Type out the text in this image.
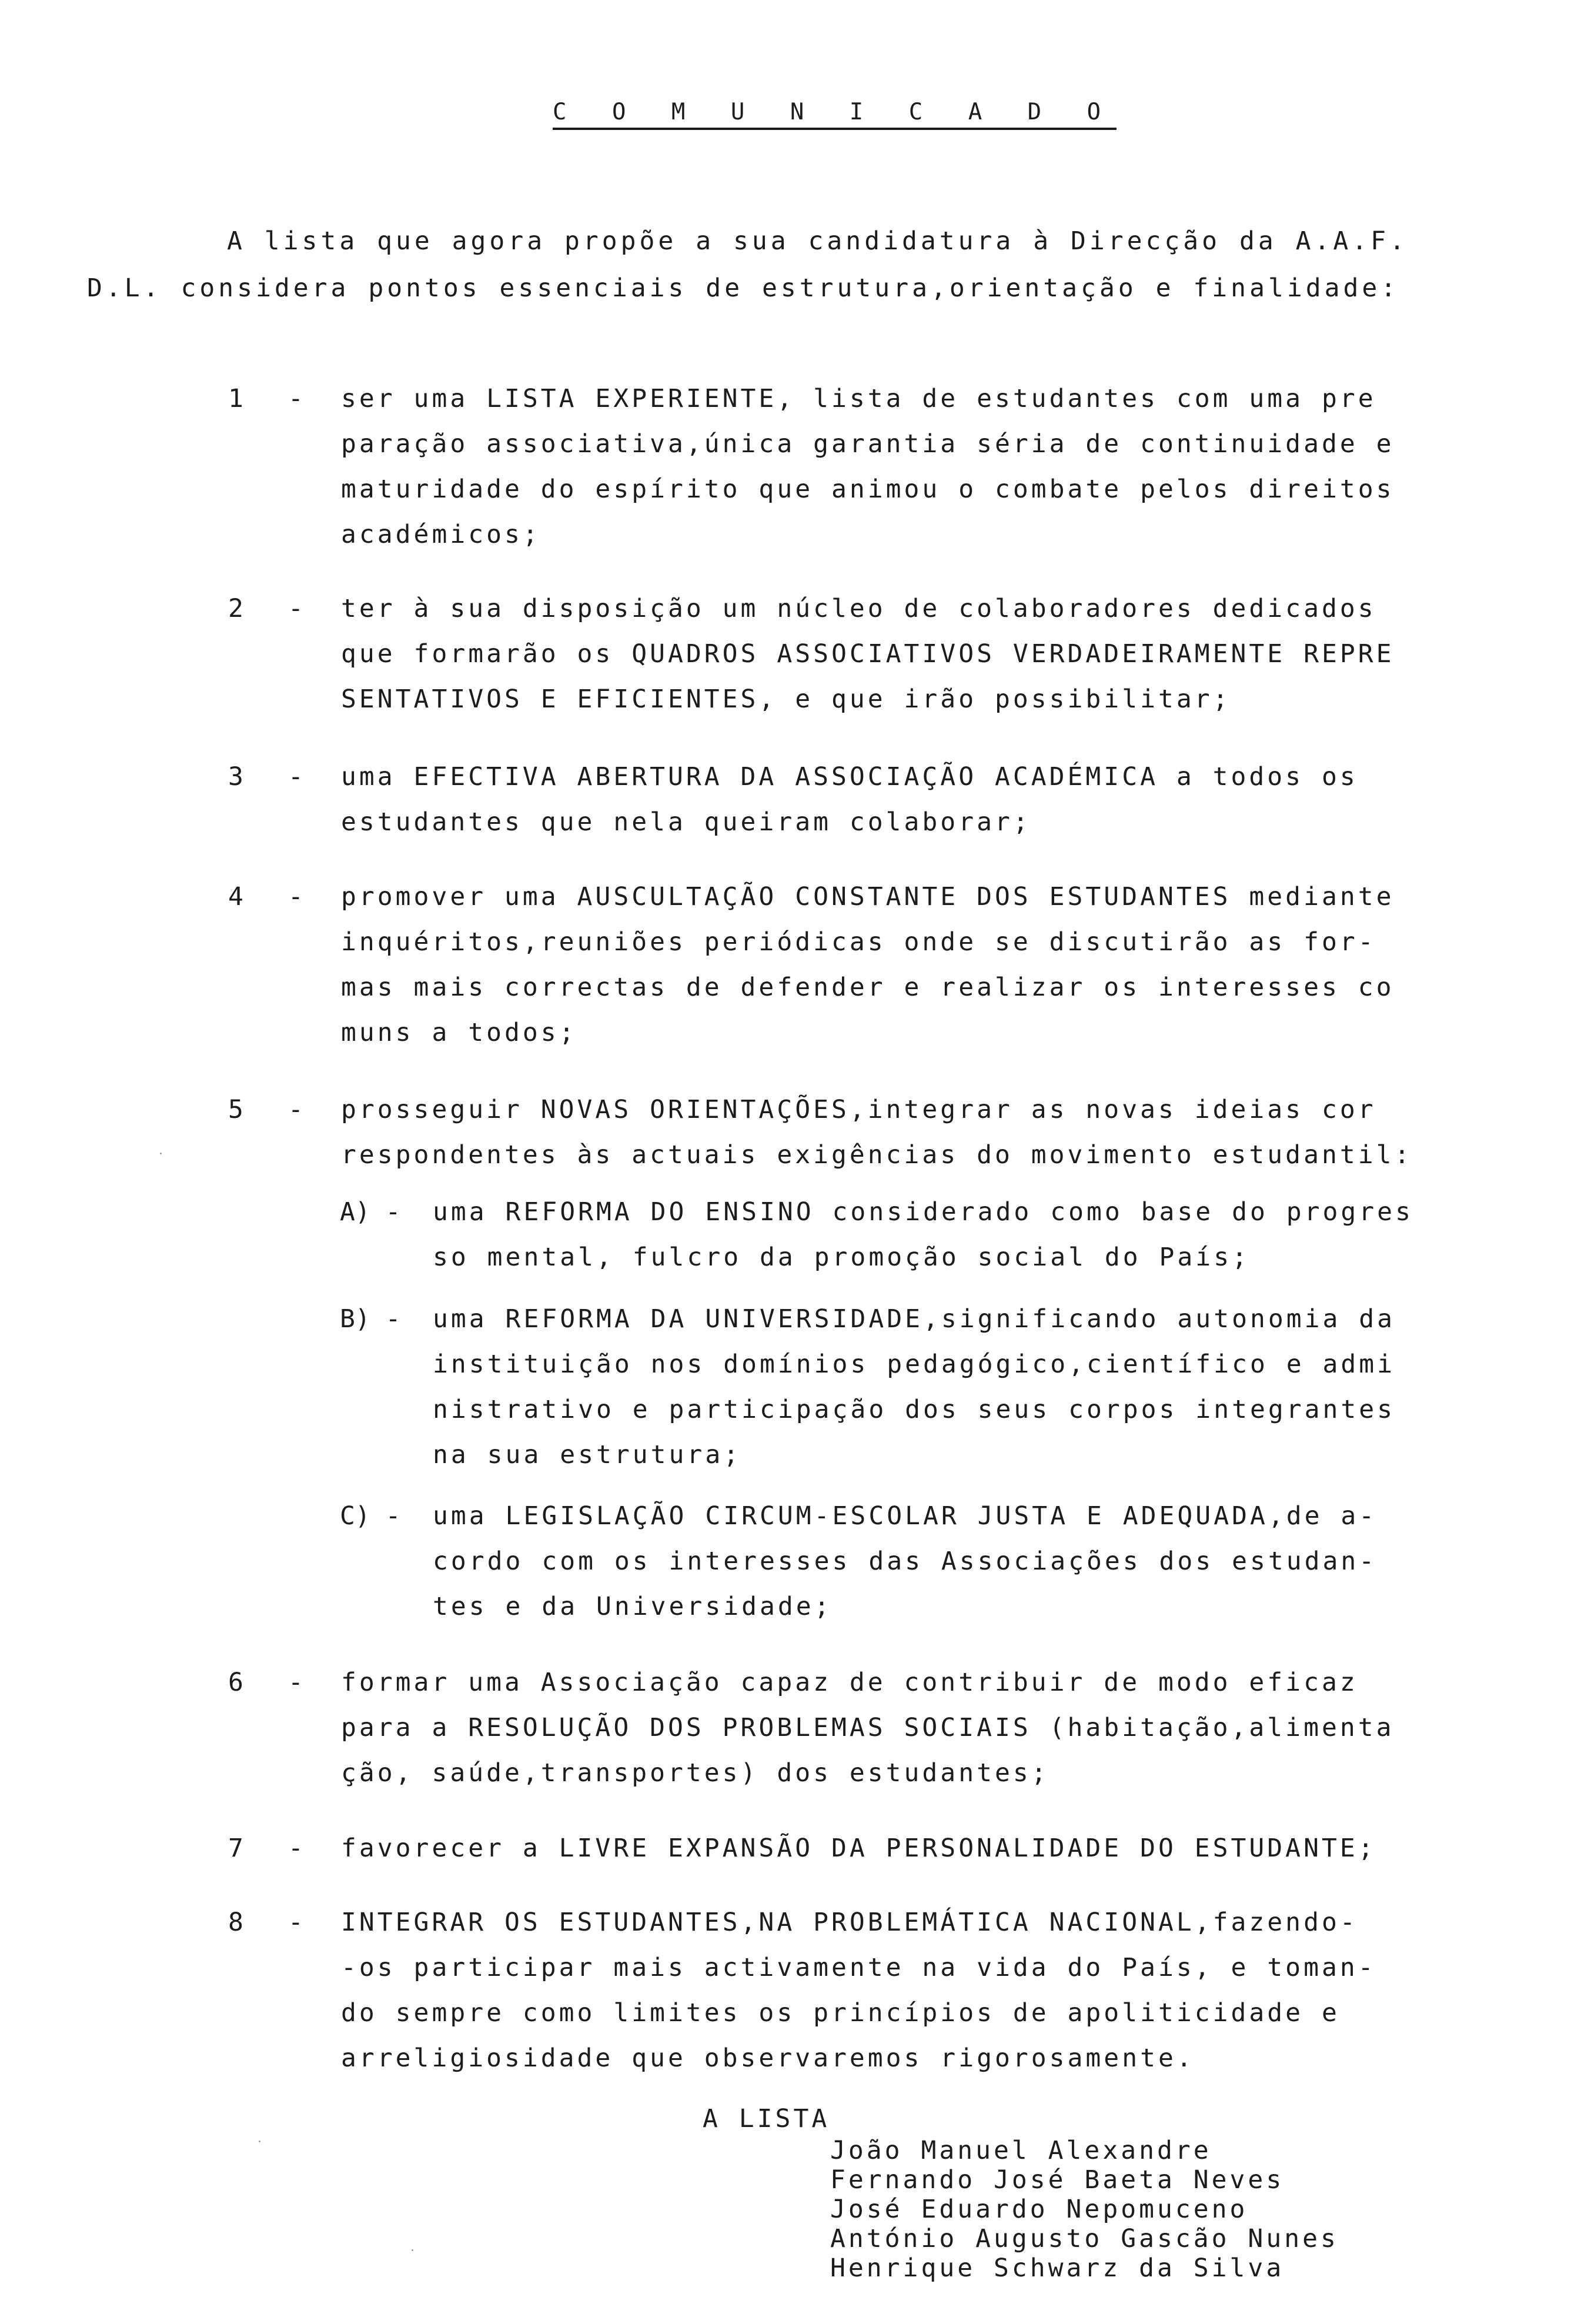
C O M U N I C A D O
A lista que agora propõe a sua candidatura à Direcção da A.A.F.
D.L. considera pontos essenciais de estrutura,orientação e finalidade:
1 - ser uma LISTA EXPERIENTE, lista de estudantes com uma pre
paração associativa,única garantia séria de continuidade e
maturidade do espírito que animou o combate pelos direitos
académicos;
2 - ter à sua disposição um núcleo de colaboradores dedicados
que formarão os QUADROS ASSOCIATIVOS VERDADEIRAMENTE REPRE
SENTATIVOS E EFICIENTES, e que irão possibilitar;
3 - uma EFECTIVA ABERTURA DA ASSOCIAÇÃO ACADÉMICA a todos os
estudantes que nela queiram colaborar;
4 - promover uma AUSCULTAÇÃO CONSTANTE DOS ESTUDANTES mediante
inquéritos,reuniões periódicas onde se discutirão as for-
mas mais correctas de defender e realizar os interesses co
muns a todos;
5 - prosseguir NOVAS ORIENTAÇÕES,integrar as novas ideias cor
respondentes às actuais exigências do movimento estudantil:
A) - uma REFORMA DO ENSINO considerado como base do progres
so mental, fulcro da promoção social do País;
B) - uma REFORMA DA UNIVERSIDADE,significando autonomia da
instituição nos domínios pedagógico,científico e admi
nistrativo e participação dos seus corpos integrantes
na sua estrutura;
C) - uma LEGISLAÇÃO CIRCUM-ESCOLAR JUSTA E ADEQUADA,de a-
cordo com os interesses das Associações dos estudan-
tes e da Universidade;
6 - formar uma Associação capaz de contribuir de modo eficaz
para a RESOLUÇÃO DOS PROBLEMAS SOCIAIS (habitação,alimenta
ção, saúde,transportes) dos estudantes;
7 - favorecer a LIVRE EXPANSÃO DA PERSONALIDADE DO ESTUDANTE;
8 - INTEGRAR OS ESTUDANTES,NA PROBLEMÁTICA NACIONAL,fazendo-
-os participar mais activamente na vida do País, e toman-
do sempre como limites os princípios de apoliticidade e
arreligiosidade que observaremos rigorosamente.
A LISTA
João Manuel Alexandre
Fernando José Baeta Neves
José Eduardo Nepomuceno
António Augusto Gascão Nunes
Henrique Schwarz da Silva
